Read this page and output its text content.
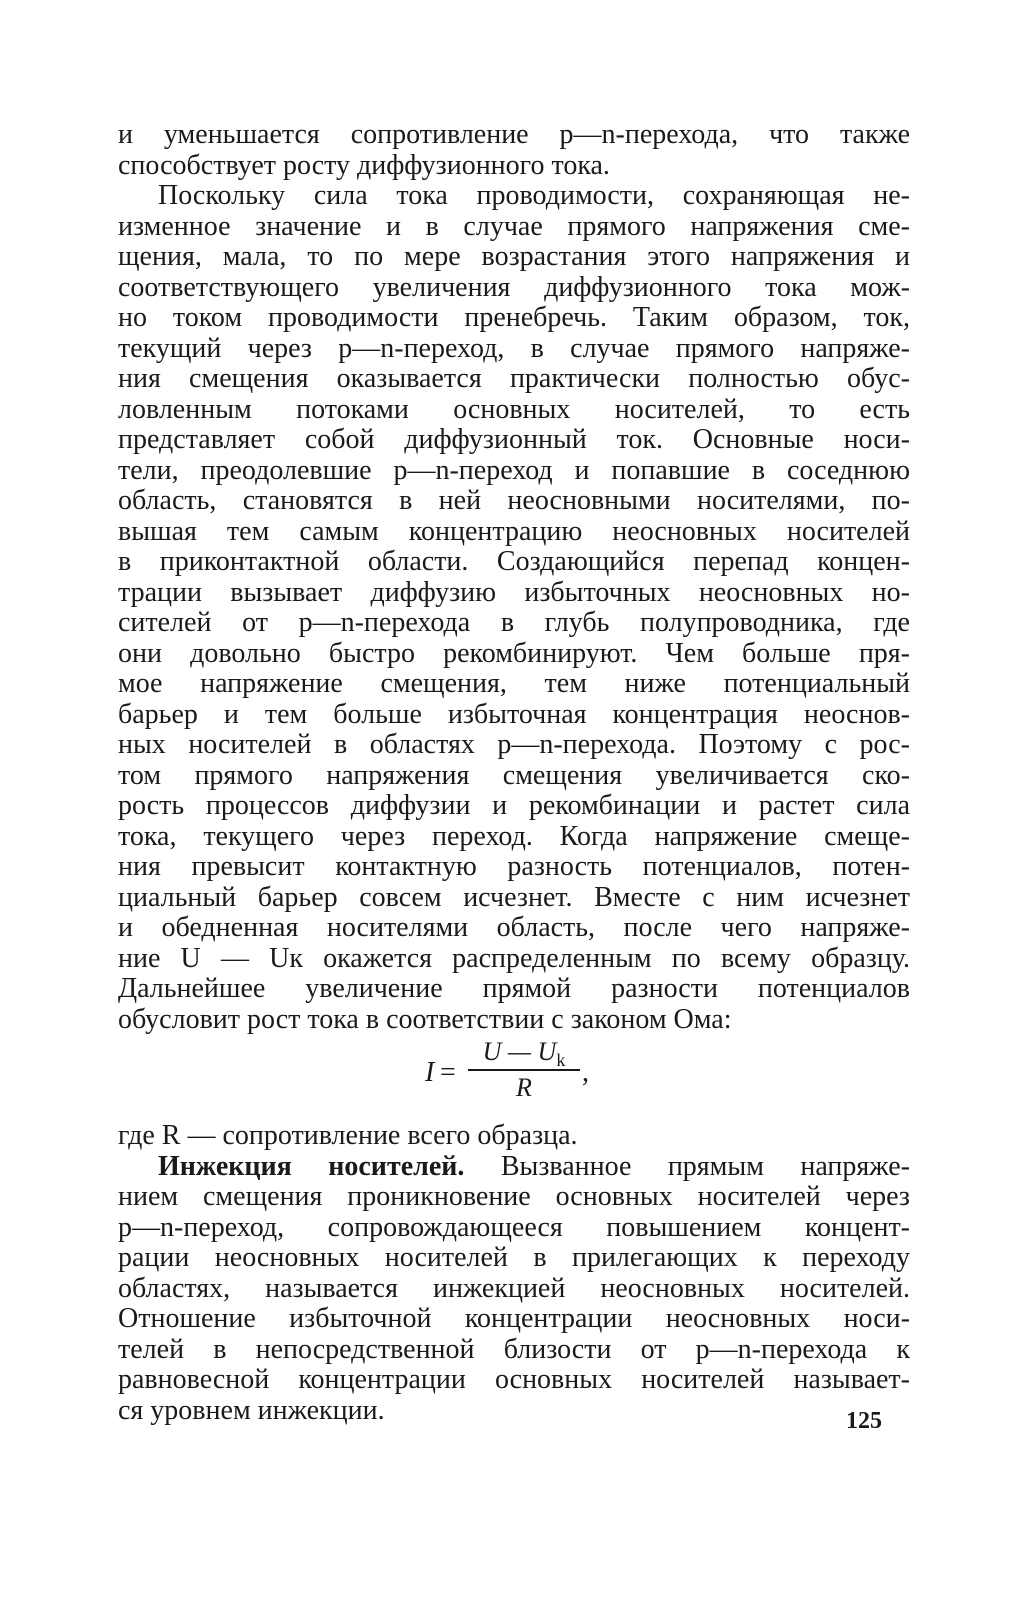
и уменьшается сопротивление p—n-перехода, что также
способствует росту диффузионного тока.
Поскольку сила тока проводимости, сохраняющая не-
изменное значение и в случае прямого напряжения сме-
щения, мала, то по мере возрастания этого напряжения и
соответствующего увеличения диффузионного тока мож-
но током проводимости пренебречь. Таким образом, ток,
текущий через p—n-переход, в случае прямого напряже-
ния смещения оказывается практически полностью обус-
ловленным потоками основных носителей, то есть
представляет собой диффузионный ток. Основные носи-
тели, преодолевшие p—n-переход и попавшие в соседнюю
область, становятся в ней неосновными носителями, по-
вышая тем самым концентрацию неосновных носителей
в приконтактной области. Создающийся перепад концен-
трации вызывает диффузию избыточных неосновных но-
сителей от p—n-перехода в глубь полупроводника, где
они довольно быстро рекомбинируют. Чем больше пря-
мое напряжение смещения, тем ниже потенциальный
барьер и тем больше избыточная концентрация неоснов-
ных носителей в областях p—n-перехода. Поэтому с рос-
том прямого напряжения смещения увеличивается ско-
рость процессов диффузии и рекомбинации и растет сила
тока, текущего через переход. Когда напряжение смеще-
ния превысит контактную разность потенциалов, потен-
циальный барьер совсем исчезнет. Вместе с ним исчезнет
и обедненная носителями область, после чего напряже-
ние U — Uк окажется распределенным по всему образцу.
Дальнейшее увеличение прямой разности потенциалов
обусловит рост тока в соответствии с законом Ома:
I =
U — $U_k$
R	,
где R — сопротивление всего образца.
Инжекция носителей. Вызванное прямым напряже-
нием смещения проникновение основных носителей через
p—n-переход, сопровождающееся повышением концент-
рации неосновных носителей в прилегающих к переходу
областях, называется инжекцией неосновных носителей.
Отношение избыточной концентрации неосновных носи-
телей в непосредственной близости от p—n-перехода к
равновесной концентрации основных носителей называет-
ся уровнем инжекции.	125
